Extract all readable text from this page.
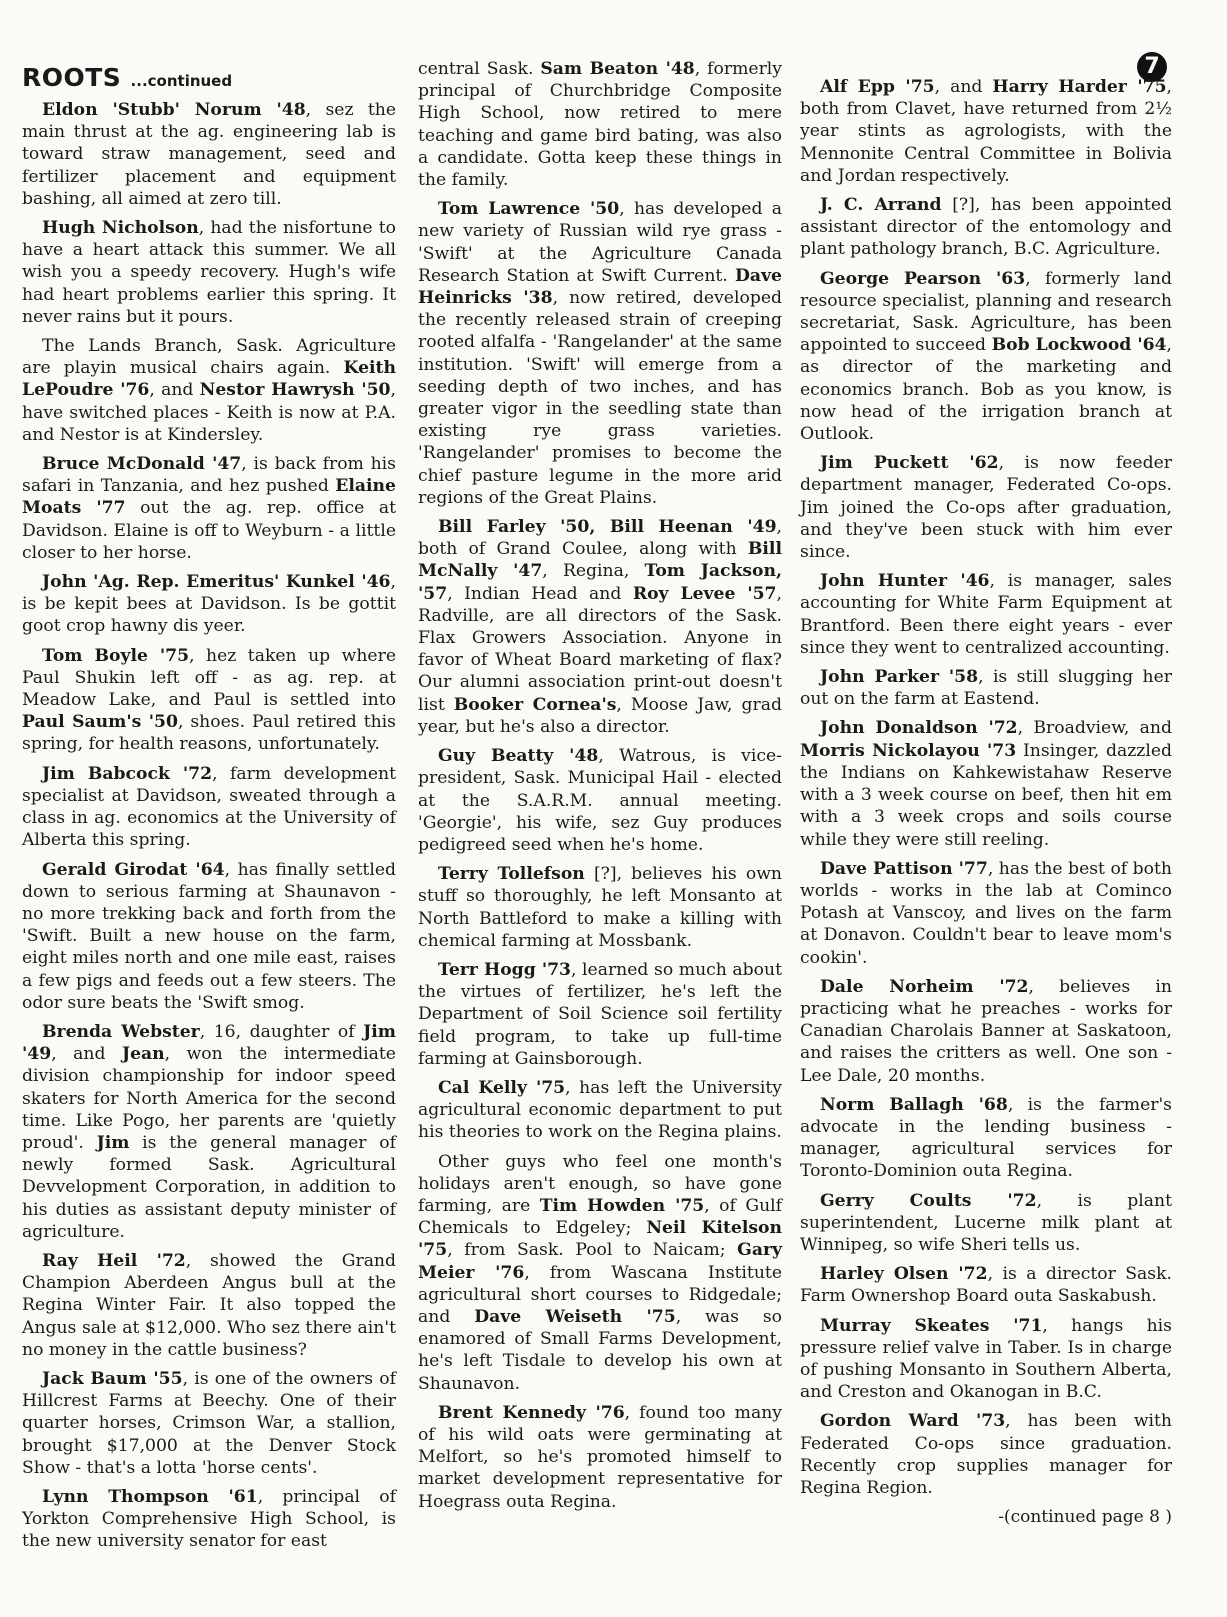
7
ROOTS ...continued

Eldon 'Stubb' Norum '48, sez the main thrust at the ag. engineering lab is toward straw management, seed and fertilizer placement and equipment bashing, all aimed at zero till.

Hugh Nicholson, had the nisfortune to have a heart attack this summer. We all wish you a speedy recovery. Hugh's wife had heart problems earlier this spring. It never rains but it pours.

The Lands Branch, Sask. Agriculture are playin musical chairs again. Keith LePoudre '76, and Nestor Hawrysh '50, have switched places - Keith is now at P.A. and Nestor is at Kindersley.

Bruce McDonald '47, is back from his safari in Tanzania, and hez pushed Elaine Moats '77 out the ag. rep. office at Davidson. Elaine is off to Weyburn - a little closer to her horse.

John 'Ag. Rep. Emeritus' Kunkel '46, is be kepit bees at Davidson. Is be gottit goot crop hawny dis yeer.

Tom Boyle '75, hez taken up where Paul Shukin left off - as ag. rep. at Meadow Lake, and Paul is settled into Paul Saum's '50, shoes. Paul retired this spring, for health reasons, unfortunately.

Jim Babcock '72, farm development specialist at Davidson, sweated through a class in ag. economics at the University of Alberta this spring.

Gerald Girodat '64, has finally settled down to serious farming at Shaunavon - no more trekking back and forth from the 'Swift. Built a new house on the farm, eight miles north and one mile east, raises a few pigs and feeds out a few steers. The odor sure beats the 'Swift smog.

Brenda Webster, 16, daughter of Jim '49, and Jean, won the intermediate division championship for indoor speed skaters for North America for the second time. Like Pogo, her parents are 'quietly proud'. Jim is the general manager of newly formed Sask. Agricultural Devvelopment Corporation, in addition to his duties as assistant deputy minister of agriculture.

Ray Heil '72, showed the Grand Champion Aberdeen Angus bull at the Regina Winter Fair. It also topped the Angus sale at $12,000. Who sez there ain't no money in the cattle business?

Jack Baum '55, is one of the owners of Hillcrest Farms at Beechy. One of their quarter horses, Crimson War, a stallion, brought $17,000 at the Denver Stock Show - that's a lotta 'horse cents'.

Lynn Thompson '61, principal of Yorkton Comprehensive High School, is the new university senator for east

central Sask. Sam Beaton '48, formerly principal of Churchbridge Composite High School, now retired to mere teaching and game bird bating, was also a candidate. Gotta keep these things in the family.

Tom Lawrence '50, has developed a new variety of Russian wild rye grass - 'Swift' at the Agriculture Canada Research Station at Swift Current. Dave Heinricks '38, now retired, developed the recently released strain of creeping rooted alfalfa - 'Rangelander' at the same institution. 'Swift' will emerge from a seeding depth of two inches, and has greater vigor in the seedling state than existing rye grass varieties. 'Rangelander' promises to become the chief pasture legume in the more arid regions of the Great Plains.

Bill Farley '50, Bill Heenan '49, both of Grand Coulee, along with Bill McNally '47, Regina, Tom Jackson, '57, Indian Head and Roy Levee '57, Radville, are all directors of the Sask. Flax Growers Association. Anyone in favor of Wheat Board marketing of flax? Our alumni association print-out doesn't list Booker Cornea's, Moose Jaw, grad year, but he's also a director.

Guy Beatty '48, Watrous, is vice-president, Sask. Municipal Hail - elected at the S.A.R.M. annual meeting. 'Georgie', his wife, sez Guy produces pedigreed seed when he's home.

Terry Tollefson [?], believes his own stuff so thoroughly, he left Monsanto at North Battleford to make a killing with chemical farming at Mossbank.

Terr Hogg '73, learned so much about the virtues of fertilizer, he's left the Department of Soil Science soil fertility field program, to take up full-time farming at Gainsborough.

Cal Kelly '75, has left the University agricultural economic department to put his theories to work on the Regina plains.

Other guys who feel one month's holidays aren't enough, so have gone farming, are Tim Howden '75, of Gulf Chemicals to Edgeley; Neil Kitelson '75, from Sask. Pool to Naicam; Gary Meier '76, from Wascana Institute agricultural short courses to Ridgedale; and Dave Weiseth '75, was so enamored of Small Farms Development, he's left Tisdale to develop his own at Shaunavon.

Brent Kennedy '76, found too many of his wild oats were germinating at Melfort, so he's promoted himself to market development representative for Hoegrass outa Regina.

Alf Epp '75, and Harry Harder '75, both from Clavet, have returned from 2½ year stints as agrologists, with the Mennonite Central Committee in Bolivia and Jordan respectively.

J. C. Arrand [?], has been appointed assistant director of the entomology and plant pathology branch, B.C. Agriculture.

George Pearson '63, formerly land resource specialist, planning and research secretariat, Sask. Agriculture, has been appointed to succeed Bob Lockwood '64, as director of the marketing and economics branch. Bob as you know, is now head of the irrigation branch at Outlook.

Jim Puckett '62, is now feeder department manager, Federated Co-ops. Jim joined the Co-ops after graduation, and they've been stuck with him ever since.

John Hunter '46, is manager, sales accounting for White Farm Equipment at Brantford. Been there eight years - ever since they went to centralized accounting.

John Parker '58, is still slugging her out on the farm at Eastend.

John Donaldson '72, Broadview, and Morris Nickolayou '73 Insinger, dazzled the Indians on Kahkewistahaw Reserve with a 3 week course on beef, then hit em with a 3 week crops and soils course while they were still reeling.

Dave Pattison '77, has the best of both worlds - works in the lab at Cominco Potash at Vanscoy, and lives on the farm at Donavon. Couldn't bear to leave mom's cookin'.

Dale Norheim '72, believes in practicing what he preaches - works for Canadian Charolais Banner at Saskatoon, and raises the critters as well. One son - Lee Dale, 20 months.

Norm Ballagh '68, is the farmer's advocate in the lending business - manager, agricultural services for Toronto-Dominion outa Regina.

Gerry Coults '72, is plant superintendent, Lucerne milk plant at Winnipeg, so wife Sheri tells us.

Harley Olsen '72, is a director Sask. Farm Ownershop Board outa Saskabush.

Murray Skeates '71, hangs his pressure relief valve in Taber. Is in charge of pushing Monsanto in Southern Alberta, and Creston and Okanogan in B.C.

Gordon Ward '73, has been with Federated Co-ops since graduation. Recently crop supplies manager for Regina Region.

-(continued page 8 )
